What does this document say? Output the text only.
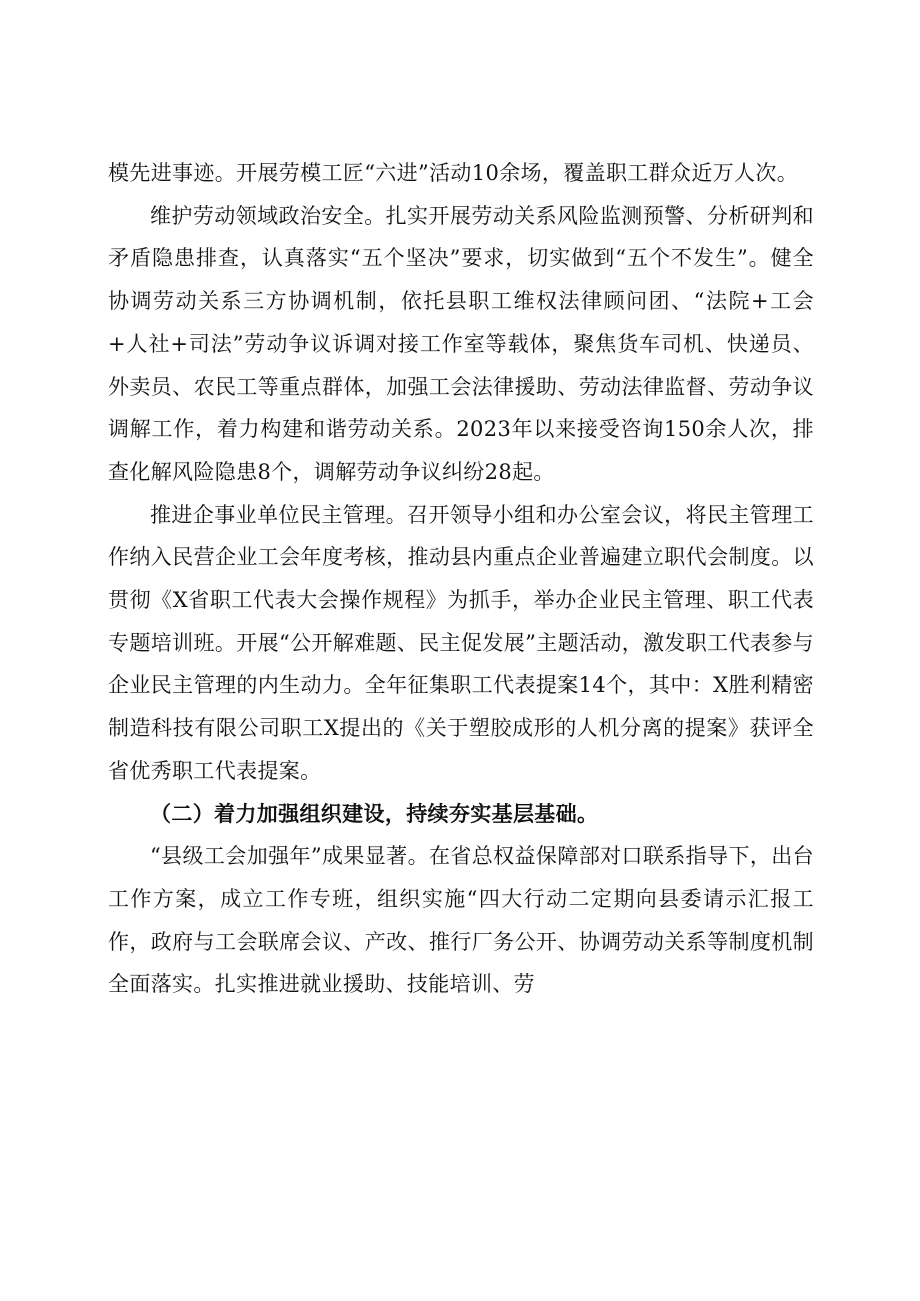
模先进事迹。开展劳模工匠“六进”活动10余场，覆盖职工群众近万人次。

维护劳动领域政治安全。扎实开展劳动关系风险监测预警、分析研判和矛盾隐患排查，认真落实“五个坚决”要求，切实做到“五个不发生”。健全协调劳动关系三方协调机制，依托县职工维权法律顾问团、“法院+工会+人社+司法”劳动争议诉调对接工作室等载体，聚焦货车司机、快递员、外卖员、农民工等重点群体，加强工会法律援助、劳动法律监督、劳动争议调解工作，着力构建和谐劳动关系。2023年以来接受咨询150余人次，排查化解风险隐患8个，调解劳动争议纠纷28起。

推进企事业单位民主管理。召开领导小组和办公室会议，将民主管理工作纳入民营企业工会年度考核，推动县内重点企业普遍建立职代会制度。以贯彻《X省职工代表大会操作规程》为抓手，举办企业民主管理、职工代表专题培训班。开展“公开解难题、民主促发展”主题活动，激发职工代表参与企业民主管理的内生动力。全年征集职工代表提案14个，其中：X胜利精密制造科技有限公司职工X提出的《关于塑胶成形的人机分离的提案》获评全省优秀职工代表提案。

（二）着力加强组织建设，持续夯实基层基础。

“县级工会加强年”成果显著。在省总权益保障部对口联系指导下，出台工作方案，成立工作专班，组织实施“四大行动二定期向县委请示汇报工作，政府与工会联席会议、产改、推行厂务公开、协调劳动关系等制度机制全面落实。扎实推进就业援助、技能培训、劳
